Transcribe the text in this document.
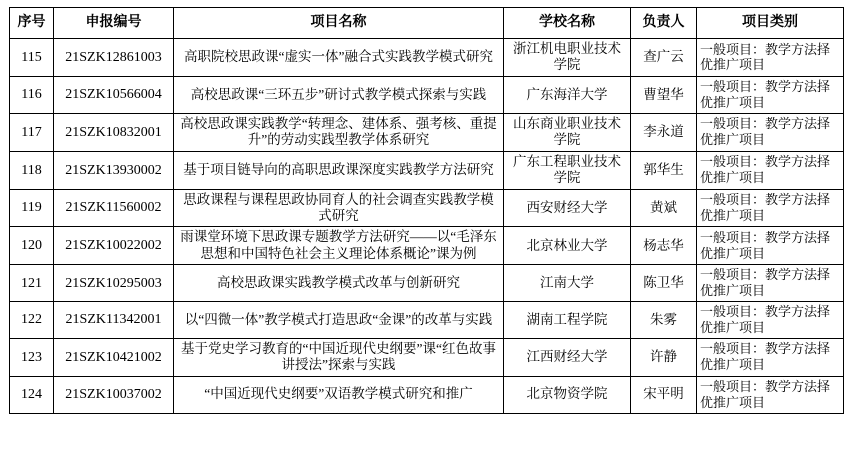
序号	申报编号	项目名称	学校名称	负责人	项目类别
115	21SZK12861003	高职院校思政课“虚实一体”融合式实践教学模式研究	浙江机电职业技术学院	查广云	一般项目：教学方法择优推广项目
116	21SZK10566004	高校思政课“三环五步”研讨式教学模式探索与实践	广东海洋大学	曹望华	一般项目：教学方法择优推广项目
117	21SZK10832001	高校思政课实践教学“转理念、建体系、强考核、重提升”的劳动实践型教学体系研究	山东商业职业技术学院	李永道	一般项目：教学方法择优推广项目
118	21SZK13930002	基于项目链导向的高职思政课深度实践教学方法研究	广东工程职业技术学院	郭华生	一般项目：教学方法择优推广项目
119	21SZK11560002	思政课程与课程思政协同育人的社会调查实践教学模式研究	西安财经大学	黄斌	一般项目：教学方法择优推广项目
120	21SZK10022002	雨课堂环境下思政课专题教学方法研究——以“毛泽东思想和中国特色社会主义理论体系概论”课为例	北京林业大学	杨志华	一般项目：教学方法择优推广项目
121	21SZK10295003	高校思政课实践教学模式改革与创新研究	江南大学	陈卫华	一般项目：教学方法择优推广项目
122	21SZK11342001	以“四微一体”教学模式打造思政“金课”的改革与实践	湖南工程学院	朱雾	一般项目：教学方法择优推广项目
123	21SZK10421002	基于党史学习教育的“中国近现代史纲要”课“红色故事讲授法”探索与实践	江西财经大学	许静	一般项目：教学方法择优推广项目
124	21SZK10037002	“中国近现代史纲要”双语教学模式研究和推广	北京物资学院	宋平明	一般项目：教学方法择优推广项目
